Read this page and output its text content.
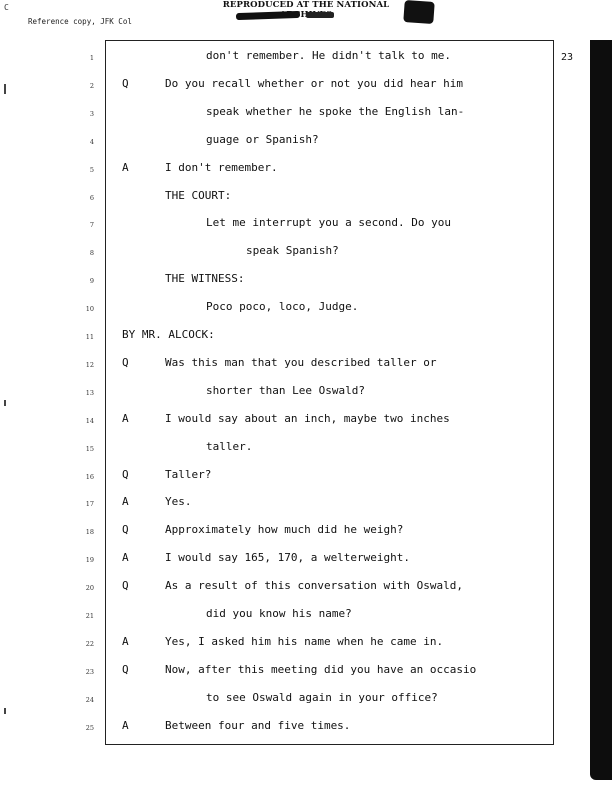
C	REPRODUCED AT THE NATIONAL
Reference copy, JFK Col
23
1	don't remember. He didn't talk to me.
2	Q	Do you recall whether or not you did hear him
3	speak whether he spoke the English lan-
4	guage or Spanish?
5	A	I don't remember.
6	THE COURT:
7	Let me interrupt you a second. Do you
8	speak Spanish?
9	THE WITNESS:
10	Poco poco, loco, Judge.
11	BY MR. ALCOCK:
12	Q	Was this man that you described taller or
13	shorter than Lee Oswald?
14	A	I would say about an inch, maybe two inches
15	taller.
16	Q	Taller?
17	A	Yes.
18	Q	Approximately how much did he weigh?
19	A	I would say 165, 170, a welterweight.
20	Q	As a result of this conversation with Oswald,
21	did you know his name?
22	A	Yes, I asked him his name when he came in.
23	Q	Now, after this meeting did you have an occasio
24	to see Oswald again in your office?
25	A	Between four and five times.
